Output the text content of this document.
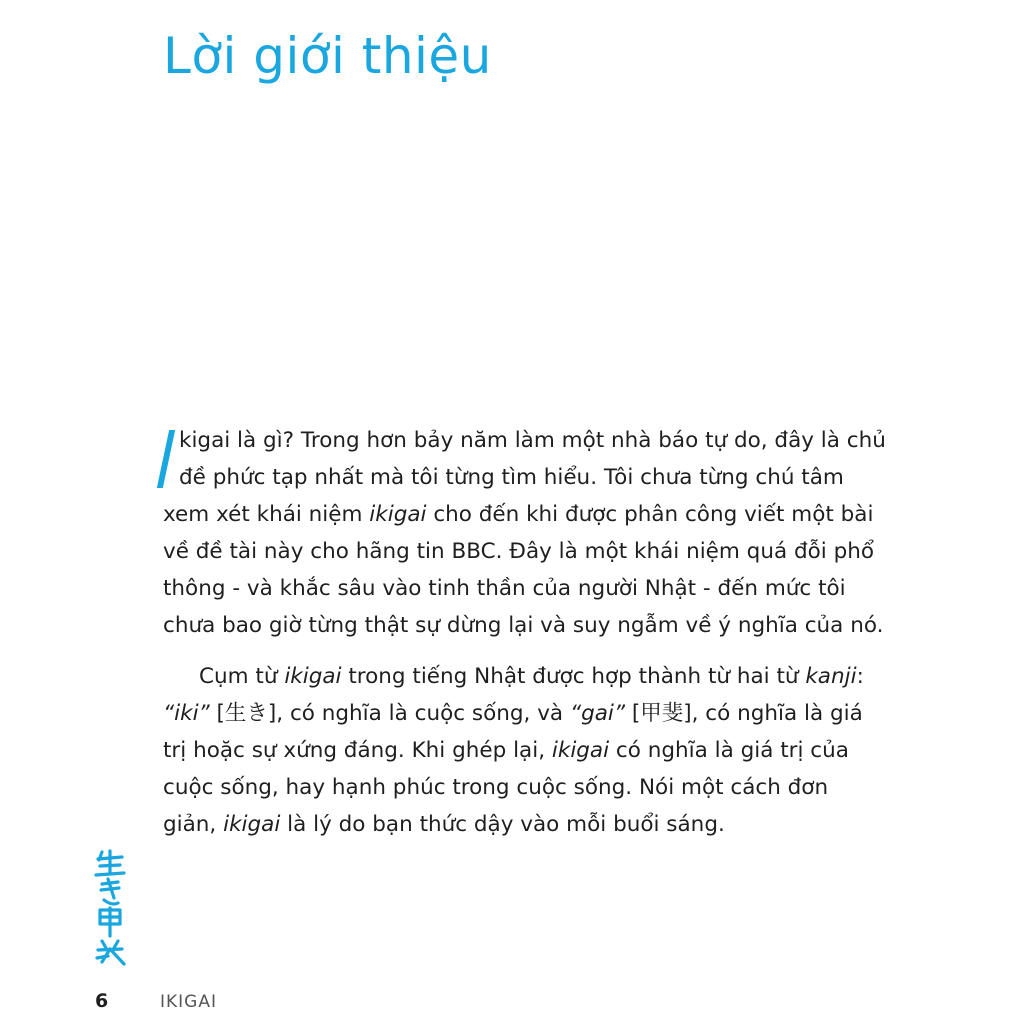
Lời giới thiệu

kigai là gì? Trong hơn bảy năm làm một nhà báo tự do, đây là chủ
đề phức tạp nhất mà tôi từng tìm hiểu. Tôi chưa từng chú tâm
xem xét khái niệm ikigai cho đến khi được phân công viết một bài
về đề tài này cho hãng tin BBC. Đây là một khái niệm quá đỗi phổ
thông - và khắc sâu vào tinh thần của người Nhật - đến mức tôi
chưa bao giờ từng thật sự dừng lại và suy ngẫm về ý nghĩa của nó.

Cụm từ ikigai trong tiếng Nhật được hợp thành từ hai từ kanji:
“iki” [生き], có nghĩa là cuộc sống, và “gai” [甲斐], có nghĩa là giá
trị hoặc sự xứng đáng. Khi ghép lại, ikigai có nghĩa là giá trị của
cuộc sống, hay hạnh phúc trong cuộc sống. Nói một cách đơn
giản, ikigai là lý do bạn thức dậy vào mỗi buổi sáng.

6	IKIGAI
